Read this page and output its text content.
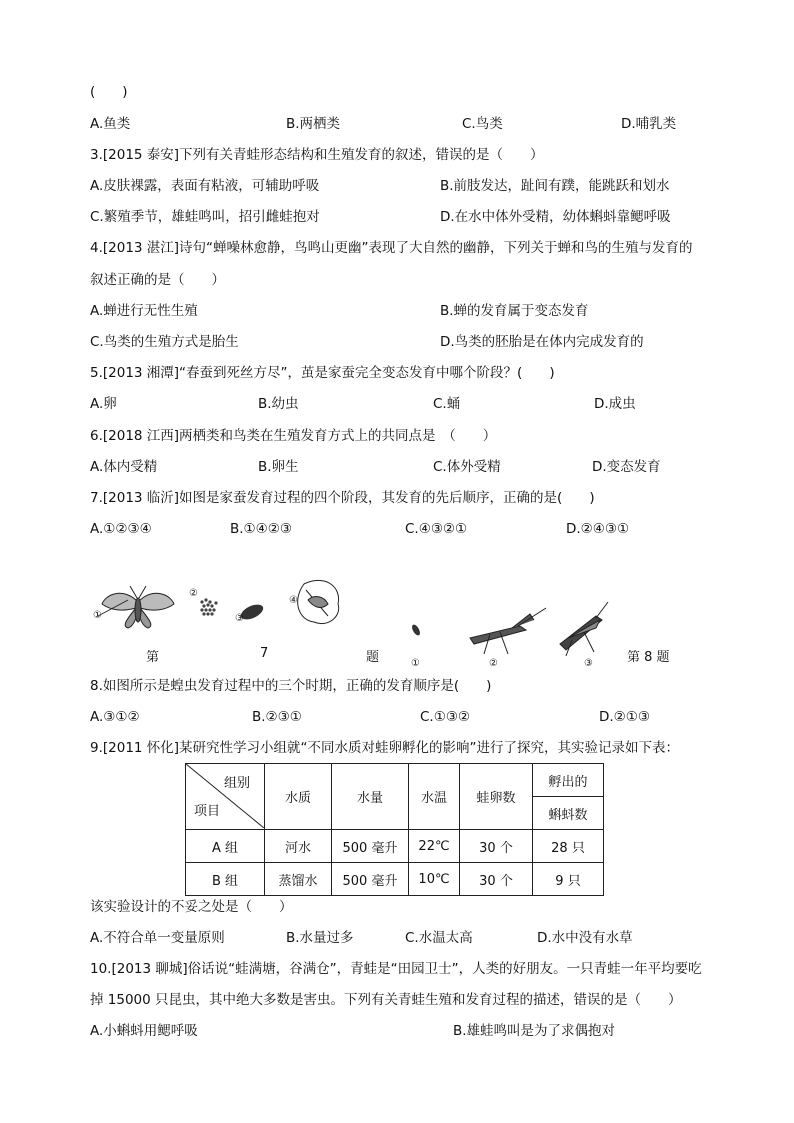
(　　)
A.鱼类	B.两栖类	C.鸟类	D.哺乳类
3.[2015 泰安]下列有关青蛙形态结构和生殖发育的叙述，错误的是（　　）
A.皮肤裸露，表面有粘液，可辅助呼吸	B.前肢发达，趾间有蹼，能跳跃和划水
C.繁殖季节，雄蛙鸣叫，招引雌蛙抱对	D.在水中体外受精，幼体蝌蚪靠鳃呼吸
4.[2013 湛江]诗句“蝉噪林愈静，鸟鸣山更幽”表现了大自然的幽静，下列关于蝉和鸟的生殖与发育的
叙述正确的是（　　）
A.蝉进行无性生殖	B.蝉的发育属于变态发育
C.鸟类的生殖方式是胎生	D.鸟类的胚胎是在体内完成发育的
5.[2013 湘潭]“春蚕到死丝方尽”，茧是家蚕完全变态发育中哪个阶段？(　　)
A.卵	B.幼虫	C.蛹	D.成虫
6.[2018 江西]两栖类和鸟类在生殖发育方式上的共同点是　（　　）
A.体内受精	B.卵生	C.体外受精	D.变态发育
7.[2013 临沂]如图是家蚕发育过程的四个阶段，其发育的先后顺序，正确的是(　　)
A.①②③④	B.①④②③	C.④③②①	D.②④③①
①
②
③
④
第	7	题	①	②	③	第 8 题
8.如图所示是蝗虫发育过程中的三个时期，正确的发育顺序是(　　)
A.③①②	B.②③①	C.①③②	D.②①③
9.[2011 怀化]某研究性学习小组就“不同水质对蛙卵孵化的影响”进行了探究，其实验记录如下表：
组别
项目	水质	水量	水温	蛙卵数	孵出的
					蝌蚪数
A 组	河水	500 毫升	22℃	30 个	28 只
B 组	蒸馏水	500 毫升	10℃	30 个	9 只
该实验设计的不妥之处是（　　）
A.不符合单一变量原则	B.水量过多	C.水温太高	D.水中没有水草
10.[2013 聊城]俗话说“蛙满塘，谷满仓”，青蛙是“田园卫士”，人类的好朋友。一只青蛙一年平均要吃
掉 15000 只昆虫，其中绝大多数是害虫。下列有关青蛙生殖和发育过程的描述，错误的是（　　）
A.小蝌蚪用鳃呼吸	B.雄蛙鸣叫是为了求偶抱对
